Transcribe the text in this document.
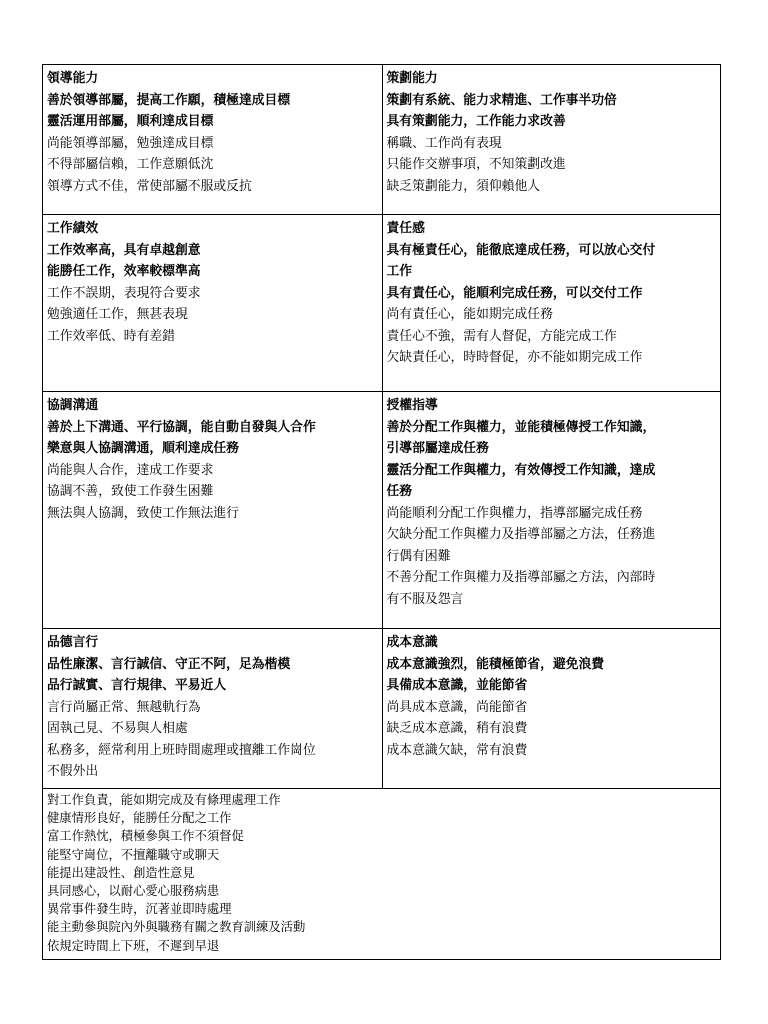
領導能力
善於領導部屬，提高工作願，積極達成目標
靈活運用部屬，順利達成目標
尚能領導部屬，勉強達成目標
不得部屬信賴，工作意願低沈
領導方式不佳，常使部屬不服或反抗
策劃能力
策劃有系統、能力求精進、工作事半功倍
具有策劃能力，工作能力求改善
稱職、工作尚有表現
只能作交辦事項，不知策劃改進
缺乏策劃能力，須仰賴他人
工作績效
工作效率高，具有卓越創意
能勝任工作，效率較標準高
工作不誤期，表現符合要求
勉強適任工作，無甚表現
工作效率低、時有差錯
責任感
具有極責任心，能徹底達成任務，可以放心交付
工作
具有責任心，能順利完成任務，可以交付工作
尚有責任心，能如期完成任務
責任心不強，需有人督促，方能完成工作
欠缺責任心，時時督促，亦不能如期完成工作
協調溝通
善於上下溝通、平行協調，能自動自發與人合作
樂意與人協調溝通，順利達成任務
尚能與人合作，達成工作要求
協調不善，致使工作發生困難
無法與人協調，致使工作無法進行
授權指導
善於分配工作與權力，並能積極傳授工作知識，
引導部屬達成任務
靈活分配工作與權力，有效傳授工作知識，達成
任務
尚能順利分配工作與權力，指導部屬完成任務
欠缺分配工作與權力及指導部屬之方法，任務進
行偶有困難
不善分配工作與權力及指導部屬之方法，內部時
有不服及怨言
品德言行
品性廉潔、言行誠信、守正不阿，足為楷模
品行誠實、言行規律、平易近人
言行尚屬正常、無越軌行為
固執己見、不易與人相處
私務多，經常利用上班時間處理或擅離工作崗位
不假外出
成本意識
成本意識強烈，能積極節省，避免浪費
具備成本意識，並能節省
尚具成本意識，尚能節省
缺乏成本意識，稍有浪費
成本意識欠缺，常有浪費
對工作負責，能如期完成及有條理處理工作
健康情形良好，能勝任分配之工作
富工作熱忱，積極參與工作不須督促
能堅守崗位，不擅離職守或聊天
能提出建設性、創造性意見
具同感心，以耐心愛心服務病患
異常事件發生時，沉著並即時處理
能主動參與院內外與職務有關之教育訓練及活動
依規定時間上下班，不遲到早退
